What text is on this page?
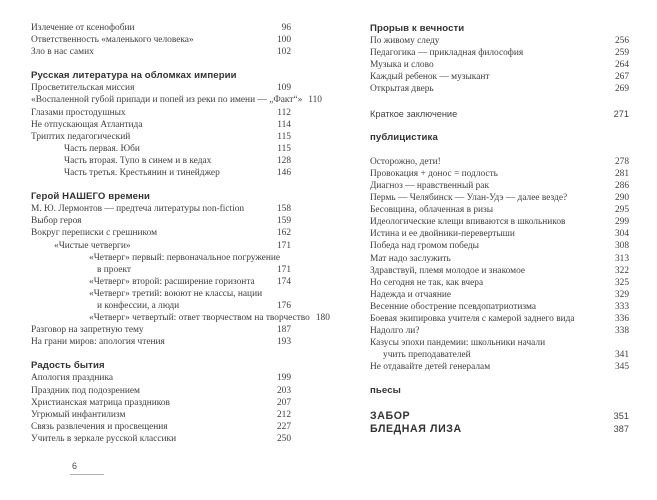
Излечение от ксенофобии	96
Ответственность «маленького человека»	100
Зло в нас самих	102
Русская литература на обломках империи
Просветительская миссия	109
«Воспаленной губой припади и попей из реки по имени — „Факт“» 110
Глазами простодушных	112
Не отпускающая Атлантида	114
Триптих педагогический	115
Часть первая. Юби	115
Часть вторая. Тупо в синем и в кедах	128
Часть третья. Крестьянин и тинейджер	146
Герой НАШЕГО времени
М. Ю. Лермонтов — предтеча литературы non-fiction	158
Выбор героя	159
Вокруг переписки с грешником	162
«Чистые четверги»	171
«Четверг» первый: первоначальное погружение
в проект	171
«Четверг» второй: расширение горизонта 174
«Четверг» третий: воюют не классы, нации
и конфессии, а люди	176
«Четверг» четвертый: ответ творчеством на творчество 180
Разговор на запретную тему	187
На грани миров: апология чтения	193
Радость бытия
Апология праздника	199
Праздник под подозрением	203
Христианская матрица праздников	207
Угрюмый инфантилизм	212
Связь развлечения и просвещения	227
Учитель в зеркале русской классики	250
Прорыв к вечности
По живому следу	256
Педагогика — прикладная философия	259
Музыка и слово	264
Каждый ребенок — музыкант	267
Открытая дверь	269
Краткое заключение	271
публицистика
Осторожно, дети!	278
Провокация + донос = подлость	281
Диагноз — нравственный рак	286
Пермь — Челябинск — Улан-Удэ — далее везде?	290
Бесовщина, облаченная в ризы	295
Идеологические клещи впиваются в школьников	299
Истина и ее двойники-перевертыши	304
Победа над громом победы	308
Мат надо заслужить	313
Здравствуй, племя молодое и знакомое	322
Но сегодня не так, как вчера	325
Надежда и отчаяние	329
Весенние обострение псевдопатриотизма	333
Боевая экипировка учителя с камерой заднего вида	336
Надолго ли?	338
Казусы эпохи пандемии: школьники начали
учить преподавателей	341
Не отдавайте детей генералам	345
пьесы
ЗАБОР	351
БЛЕДНАЯ ЛИЗА	387
6
